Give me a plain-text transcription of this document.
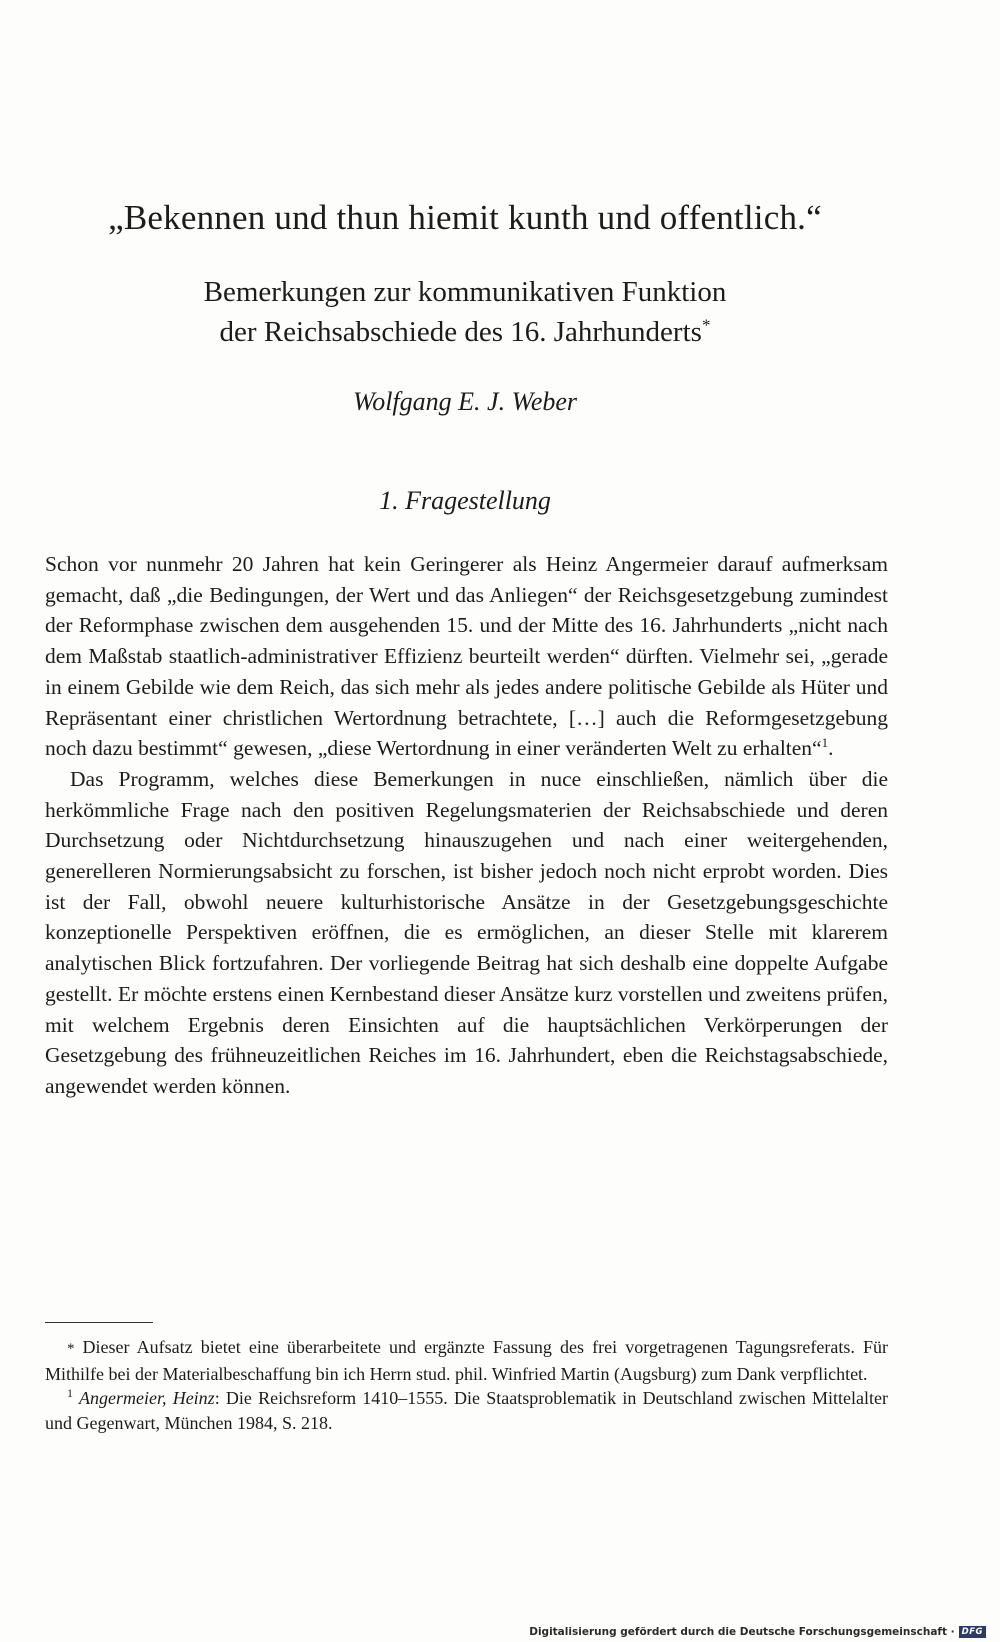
„Bekennen und thun hiemit kunth und offentlich.“
Bemerkungen zur kommunikativen Funktion
der Reichsabschiede des 16. Jahrhunderts*
Wolfgang E. J. Weber
1. Fragestellung

Schon vor nunmehr 20 Jahren hat kein Geringerer als Heinz Angermeier darauf aufmerksam gemacht, daß „die Bedingungen, der Wert und das Anliegen“ der Reichsgesetzgebung zumindest der Reformphase zwischen dem ausgehenden 15. und der Mitte des 16. Jahrhunderts „nicht nach dem Maßstab staatlich-administrativer Effizienz beurteilt werden“ dürften. Vielmehr sei, „gerade in einem Gebilde wie dem Reich, das sich mehr als jedes andere politische Gebilde als Hüter und Repräsentant einer christlichen Wertordnung betrachtete, […] auch die Reformgesetzgebung noch dazu bestimmt“ gewesen, „diese Wertordnung in einer veränderten Welt zu erhalten“$^1$.

Das Programm, welches diese Bemerkungen in nuce einschließen, nämlich über die herkömmliche Frage nach den positiven Regelungsmaterien der Reichsabschiede und deren Durchsetzung oder Nichtdurchsetzung hinauszugehen und nach einer weitergehenden, generelleren Normierungsabsicht zu forschen, ist bisher jedoch noch nicht erprobt worden. Dies ist der Fall, obwohl neuere kulturhistorische Ansätze in der Gesetzgebungsgeschichte konzeptionelle Perspektiven eröffnen, die es ermöglichen, an dieser Stelle mit klarerem analytischen Blick fortzufahren. Der vorliegende Beitrag hat sich deshalb eine doppelte Aufgabe gestellt. Er möchte erstens einen Kernbestand dieser Ansätze kurz vorstellen und zweitens prüfen, mit welchem Ergebnis deren Einsichten auf die hauptsächlichen Verkörperungen der Gesetzgebung des frühneuzeitlichen Reiches im 16. Jahrhundert, eben die Reichstagsabschiede, angewendet werden können.

* Dieser Aufsatz bietet eine überarbeitete und ergänzte Fassung des frei vorgetragenen Tagungsreferats. Für Mithilfe bei der Materialbeschaffung bin ich Herrn stud. phil. Winfried Martin (Augsburg) zum Dank verpflichtet.

$^1$ Angermeier, Heinz: Die Reichsreform 1410–1555. Die Staatsproblematik in Deutschland zwischen Mittelalter und Gegenwart, München 1984, S. 218.

Digitalisierung gefördert durch die Deutsche Forschungsgemeinschaft · DFG
